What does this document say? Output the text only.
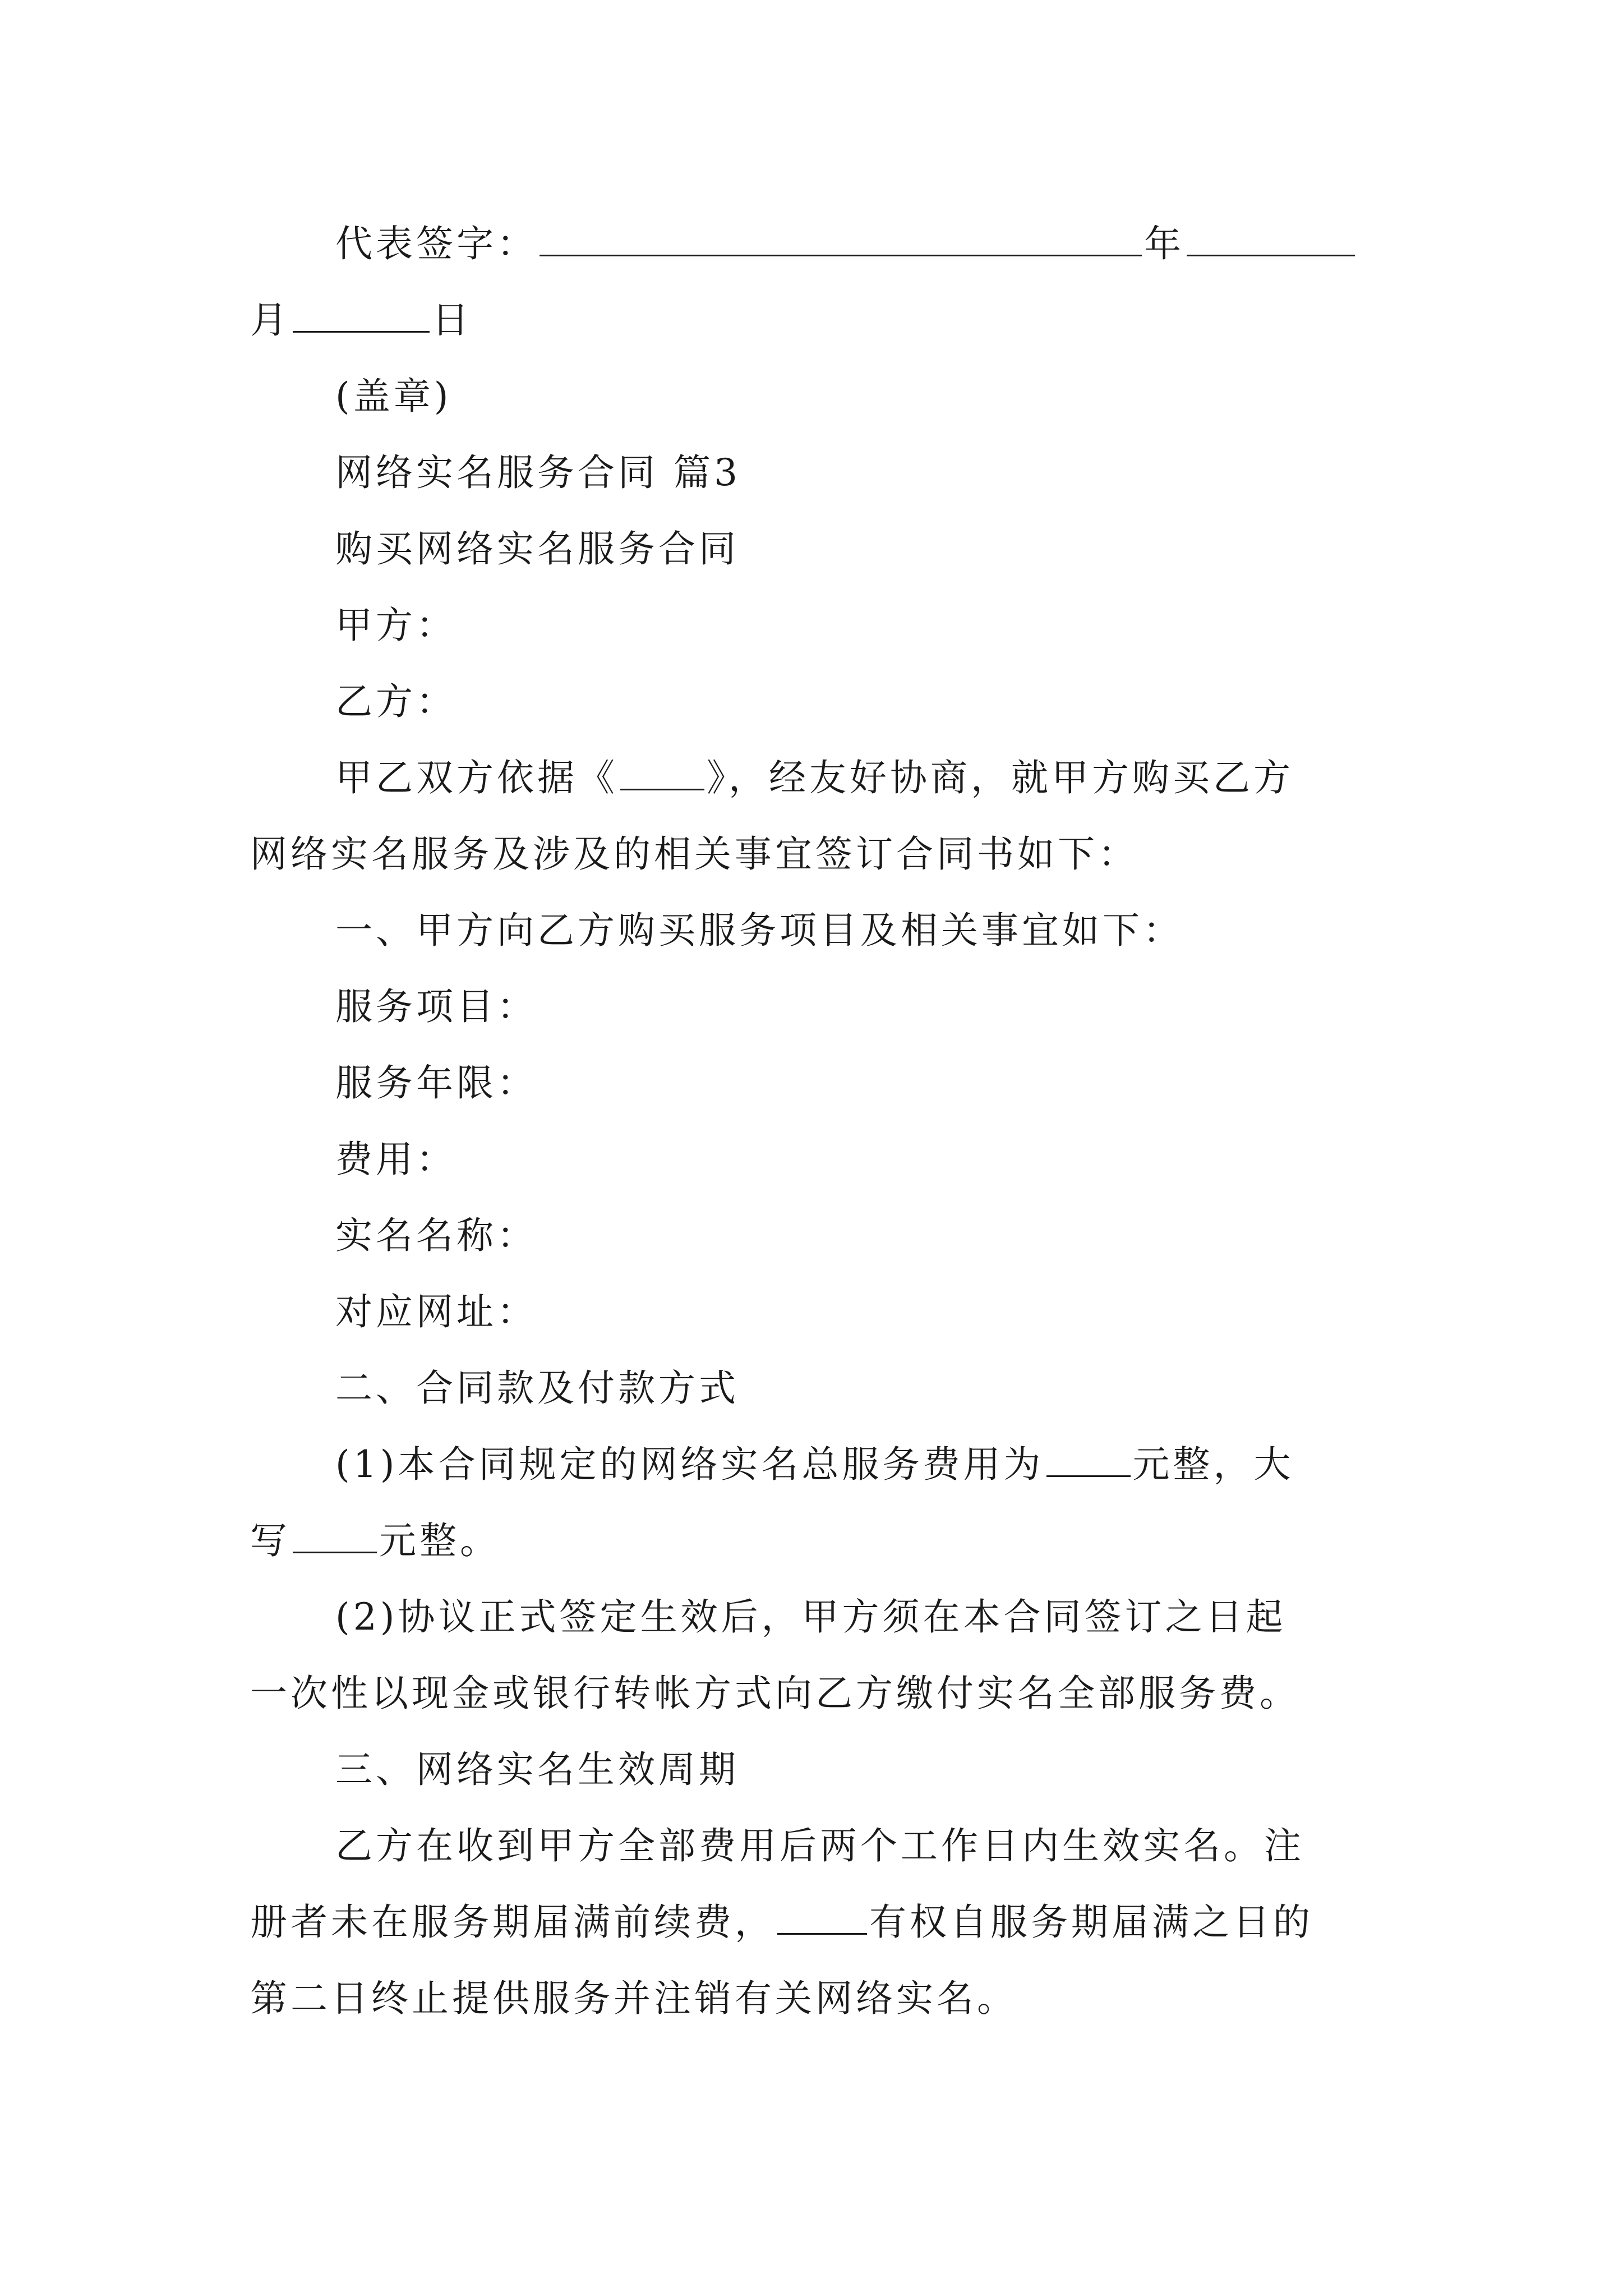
代表签字：	年

月	日

(盖章)

网络实名服务合同 篇3

购买网络实名服务合同

甲方：

乙方：

甲乙双方依据《 》，经友好协商，就甲方购买乙方

网络实名服务及涉及的相关事宜签订合同书如下：

一、甲方向乙方购买服务项目及相关事宜如下：

服务项目：

服务年限：

费用：

实名名称：

对应网址：

二、合同款及付款方式

(1)本合同规定的网络实名总服务费用为 元整，大

写 元整。

(2)协议正式签定生效后，甲方须在本合同签订之日起

一次性以现金或银行转帐方式向乙方缴付实名全部服务费。

三、网络实名生效周期

乙方在收到甲方全部费用后两个工作日内生效实名。注

册者未在服务期届满前续费，	有权自服务期届满之日的

第二日终止提供服务并注销有关网络实名。
